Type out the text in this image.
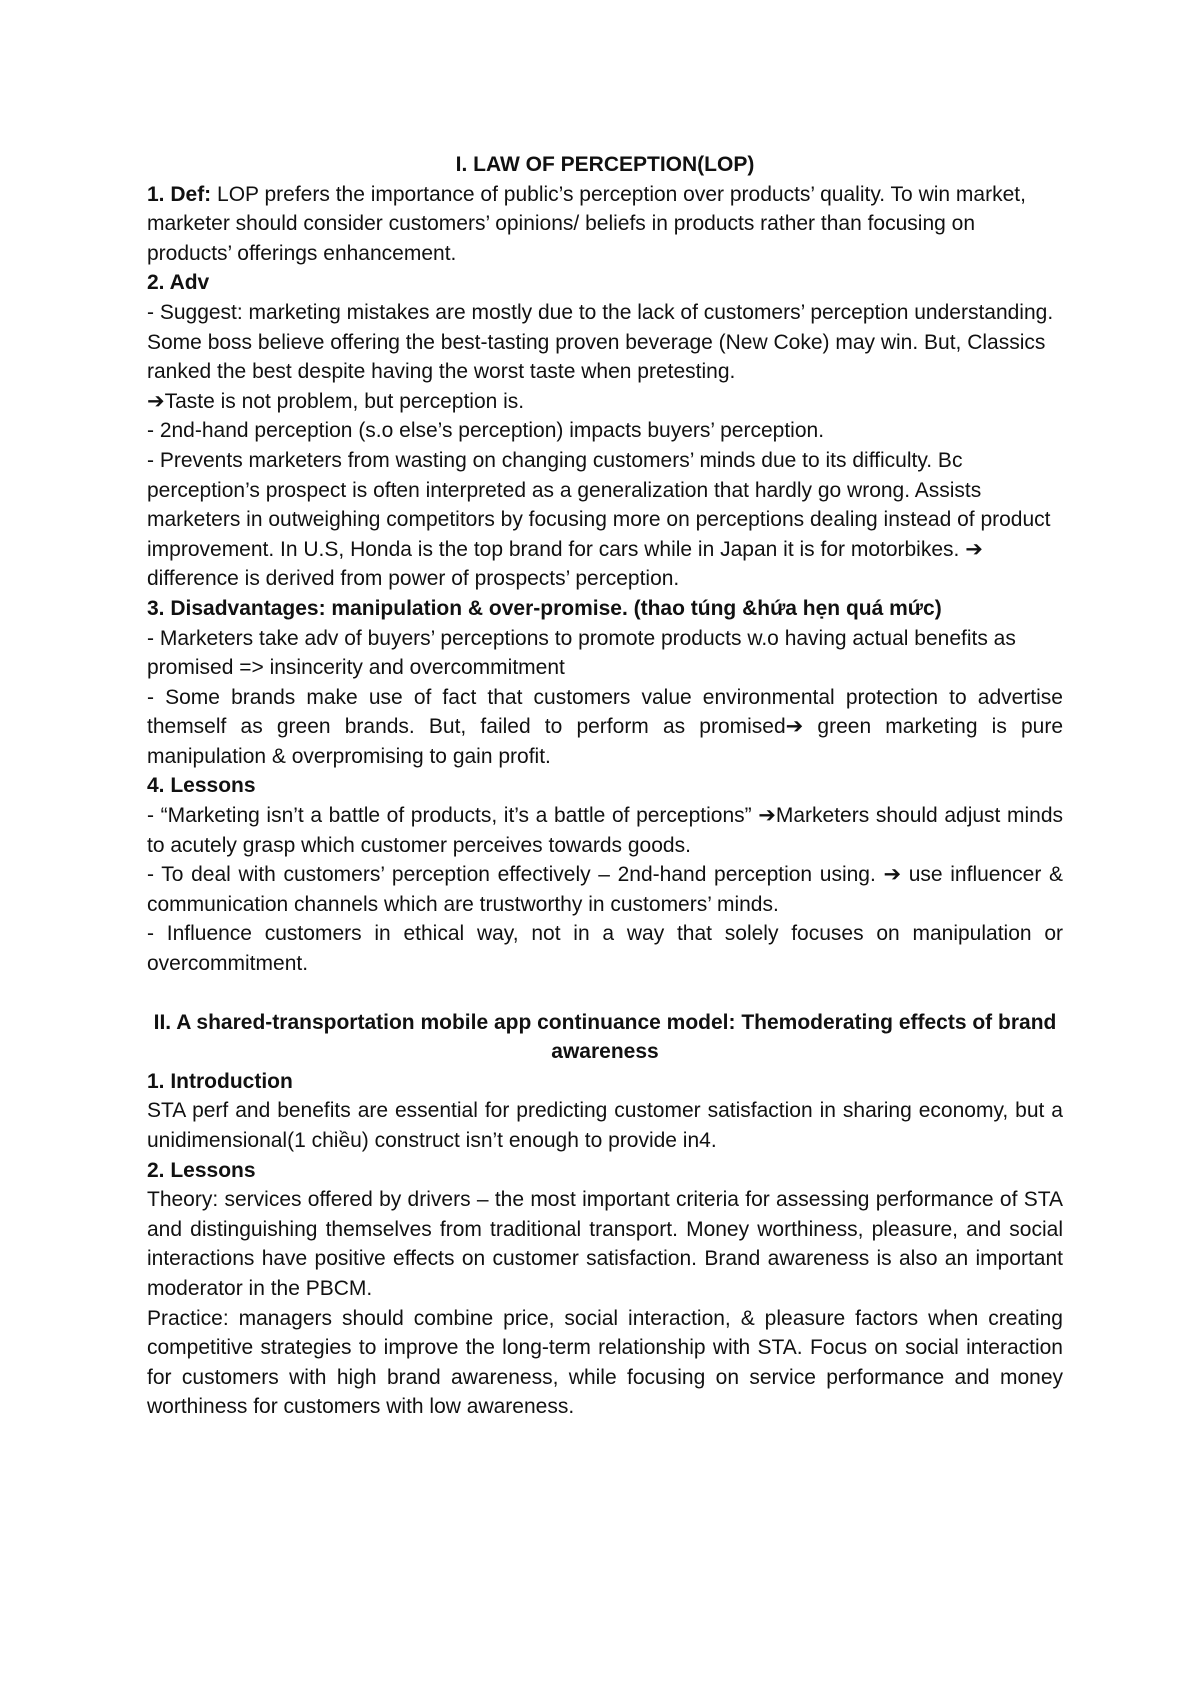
I. LAW OF PERCEPTION(LOP)

1. Def: LOP prefers the importance of public’s perception over products’ quality. To win market, marketer should consider customers’ opinions/ beliefs in products rather than focusing on products’ offerings enhancement.

2. Adv

- Suggest: marketing mistakes are mostly due to the lack of customers’ perception understanding. Some boss believe offering the best-tasting proven beverage (New Coke) may win. But, Classics ranked the best despite having the worst taste when pretesting.

➔Taste is not problem, but perception is.

- 2nd-hand perception (s.o else’s perception) impacts buyers’ perception.

- Prevents marketers from wasting on changing customers’ minds due to its difficulty. Bc perception’s prospect is often interpreted as a generalization that hardly go wrong. Assists marketers in outweighing competitors by focusing more on perceptions dealing instead of product improvement. In U.S, Honda is the top brand for cars while in Japan it is for motorbikes. ➔ difference is derived from power of prospects’ perception.

3. Disadvantages: manipulation & over-promise. (thao túng &hứa hẹn quá mức)

- Marketers take adv of buyers’ perceptions to promote products w.o having actual benefits as promised => insincerity and overcommitment

- Some brands make use of fact that customers value environmental protection to advertise themself as green brands. But, failed to perform as promised➔ green marketing is pure manipulation & overpromising to gain profit.

4. Lessons

- “Marketing isn’t a battle of products, it’s a battle of perceptions” ➔Marketers should adjust minds to acutely grasp which customer perceives towards goods.

- To deal with customers’ perception effectively – 2nd-hand perception using. ➔ use influencer & communication channels which are trustworthy in customers’ minds.

- Influence customers in ethical way, not in a way that solely focuses on manipulation or overcommitment.

II. A shared-transportation mobile app continuance model: Themoderating effects of brand awareness

1. Introduction

STA perf and benefits are essential for predicting customer satisfaction in sharing economy, but a unidimensional(1 chiều) construct isn’t enough to provide in4.

2. Lessons

Theory: services offered by drivers – the most important criteria for assessing performance of STA and distinguishing themselves from traditional transport. Money worthiness, pleasure, and social interactions have positive effects on customer satisfaction. Brand awareness is also an important moderator in the PBCM.

Practice: managers should combine price, social interaction, & pleasure factors when creating competitive strategies to improve the long-term relationship with STA. Focus on social interaction for customers with high brand awareness, while focusing on service performance and money worthiness for customers with low awareness.
